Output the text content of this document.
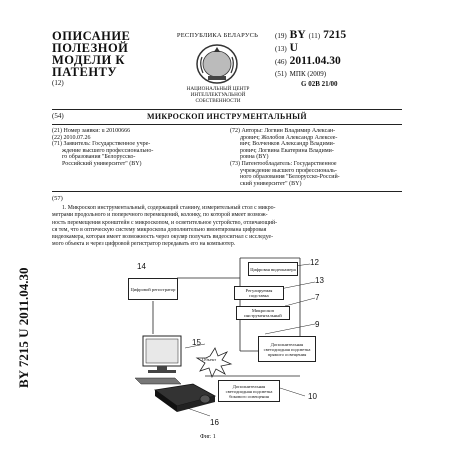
BY 7215 U 2011.04.30
ОПИСАНИЕ
ПОЛЕЗНОЙ
МОДЕЛИ К
ПАТЕНТУ
(12)
РЕСПУБЛИКА БЕЛАРУСЬ
НАЦИОНАЛЬНЫЙ ЦЕНТР
ИНТЕЛЛЕКТУАЛЬНОЙ
СОБСТВЕННОСТИ
(19) BY (11) 7215
(13) U
(46) 2011.04.30
(51) МПК (2009)
G 02B 21/00
(54)	МИКРОСКОП ИНСТРУМЕНТАЛЬНЫЙ
(21) Номер заявки: u 20100666
(22) 2010.07.26
(71) Заявитель: Государственное учре-
ждение высшего профессионально-
го образования "Белорусско-
Российский университет" (BY)
(72) Авторы: Логвин Владимир Алексан-
дрович; Жолобов Александр Алексее-
вич; Волченков Александр Владими-
рович; Логвина Екатерина Владими-
ровна (BY)
(73) Патентообладатель: Государственное
учреждение высшего профессиональ-
ного образования "Белорусско-Россий-
ский университет" (BY)
(57)
1. Микроскоп инструментальный, содержащий станину, измерительный стол с микро-
метрами продольного и поперечного перемещений, колонку, по которой имеет возмож-
ность перемещения кронштейн с микроскопом, и осветительное устройство, отличающий-
ся тем, что в оптическую систему микроскопа дополнительно вмонтирована цифровая
видеокамера, которая имеет возможность через окуляр получать видеосигнал с исследуе-
мого объекта и через цифровой регистратор передавать его на компьютер.
Цифровой регистратор
Цифровая видеокамера
Регулируемая подставка
Микроскоп инструментальный
Объект
Дополнительная светодиодная подсветка прямого освещения
Дополнительная светодиодная подсветка бокового освещения
14	12
13
7
9
15
10
16
Фиг. 1
